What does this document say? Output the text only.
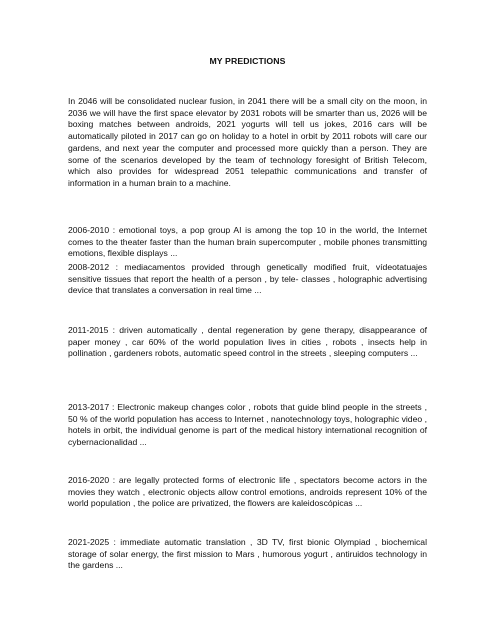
MY PREDICTIONS

In 2046 will be consolidated nuclear fusion, in 2041 there will be a small city on the moon, in 2036 we will have the first space elevator by 2031 robots will be smarter than us, 2026 will be boxing matches between androids, 2021 yogurts will tell us jokes, 2016 cars will be automatically piloted in 2017 can go on holiday to a hotel in orbit by 2011 robots will care our gardens, and next year the computer and processed more quickly than a person. They are some of the scenarios developed by the team of technology foresight of British Telecom, which also provides for widespread 2051 telepathic communications and transfer of information in a human brain to a machine.

2006-2010 : emotional toys, a pop group AI is among the top 10 in the world, the Internet comes to the theater faster than the human brain supercomputer , mobile phones transmitting emotions, flexible displays ...

2008-2012 : mediacamentos provided through genetically modified fruit, vídeotatuajes sensitive tissues that report the health of a person , by tele- classes , holographic advertising device that translates a conversation in real time ...

2011-2015 : driven automatically , dental regeneration by gene therapy, disappearance of paper money , car 60% of the world population lives in cities , robots , insects help in pollination , gardeners robots, automatic speed control in the streets , sleeping computers ...

2013-2017 : Electronic makeup changes color , robots that guide blind people in the streets , 50 % of the world population has access to Internet , nanotechnology toys, holographic video , hotels in orbit, the individual genome is part of the medical history international recognition of cybernacionalidad ...

2016-2020 : are legally protected forms of electronic life , spectators become actors in the movies they watch , electronic objects allow control emotions, androids represent 10% of the world population , the police are privatized, the flowers are kaleidoscópicas ...

2021-2025 : immediate automatic translation , 3D TV, first bionic Olympiad , biochemical storage of solar energy, the first mission to Mars , humorous yogurt , antiruidos technology in the gardens ...
